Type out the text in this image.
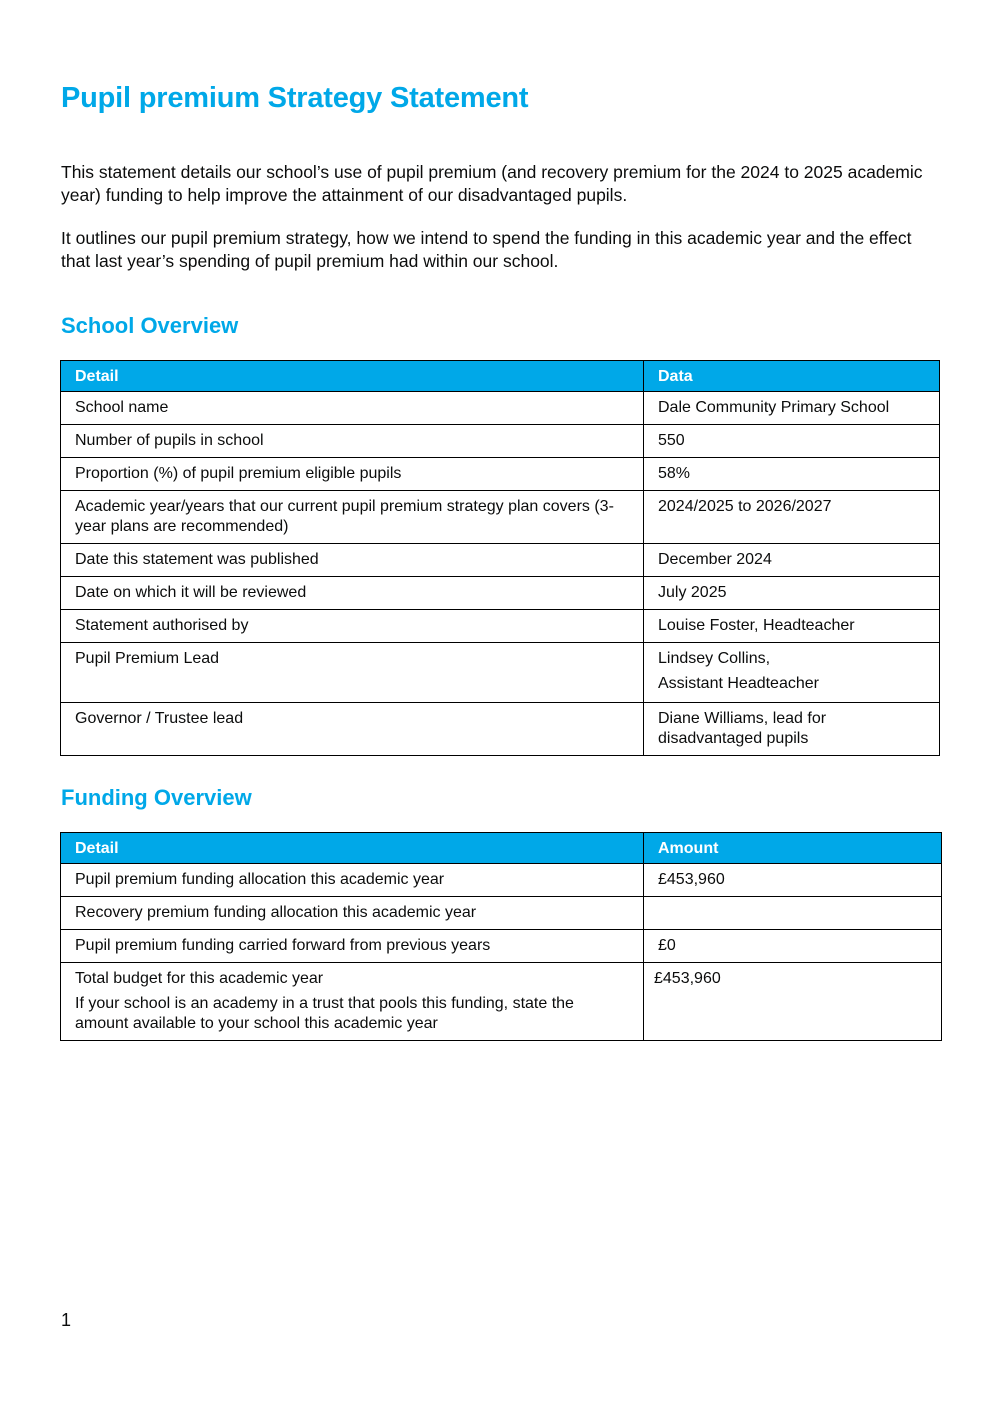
Pupil premium Strategy Statement

This statement details our school’s use of pupil premium (and recovery premium for the 2024 to 2025 academic year) funding to help improve the attainment of our disadvantaged pupils.

It outlines our pupil premium strategy, how we intend to spend the funding in this academic year and the effect that last year’s spending of pupil premium had within our school.

School Overview
Detail	Data
School name	Dale Community Primary School
Number of pupils in school	550
Proportion (%) of pupil premium eligible pupils	58%
Academic year/years that our current pupil premium strategy plan covers (3-year plans are recommended)	2024/2025 to 2026/2027
Date this statement was published	December 2024
Date on which it will be reviewed	July 2025
Statement authorised by	Louise Foster, Headteacher
Pupil Premium Lead	Lindsey Collins,
Assistant Headteacher

Governor / Trustee lead	Diane Williams, lead for disadvantaged pupils
Funding Overview
Detail	Amount
Pupil premium funding allocation this academic year	£453,960
Recovery premium funding allocation this academic year	
Pupil premium funding carried forward from previous years	£0

Total budget for this academic year
If your school is an academy in a trust that pools this funding, state the amount available to your school this academic year	£453,960

1
